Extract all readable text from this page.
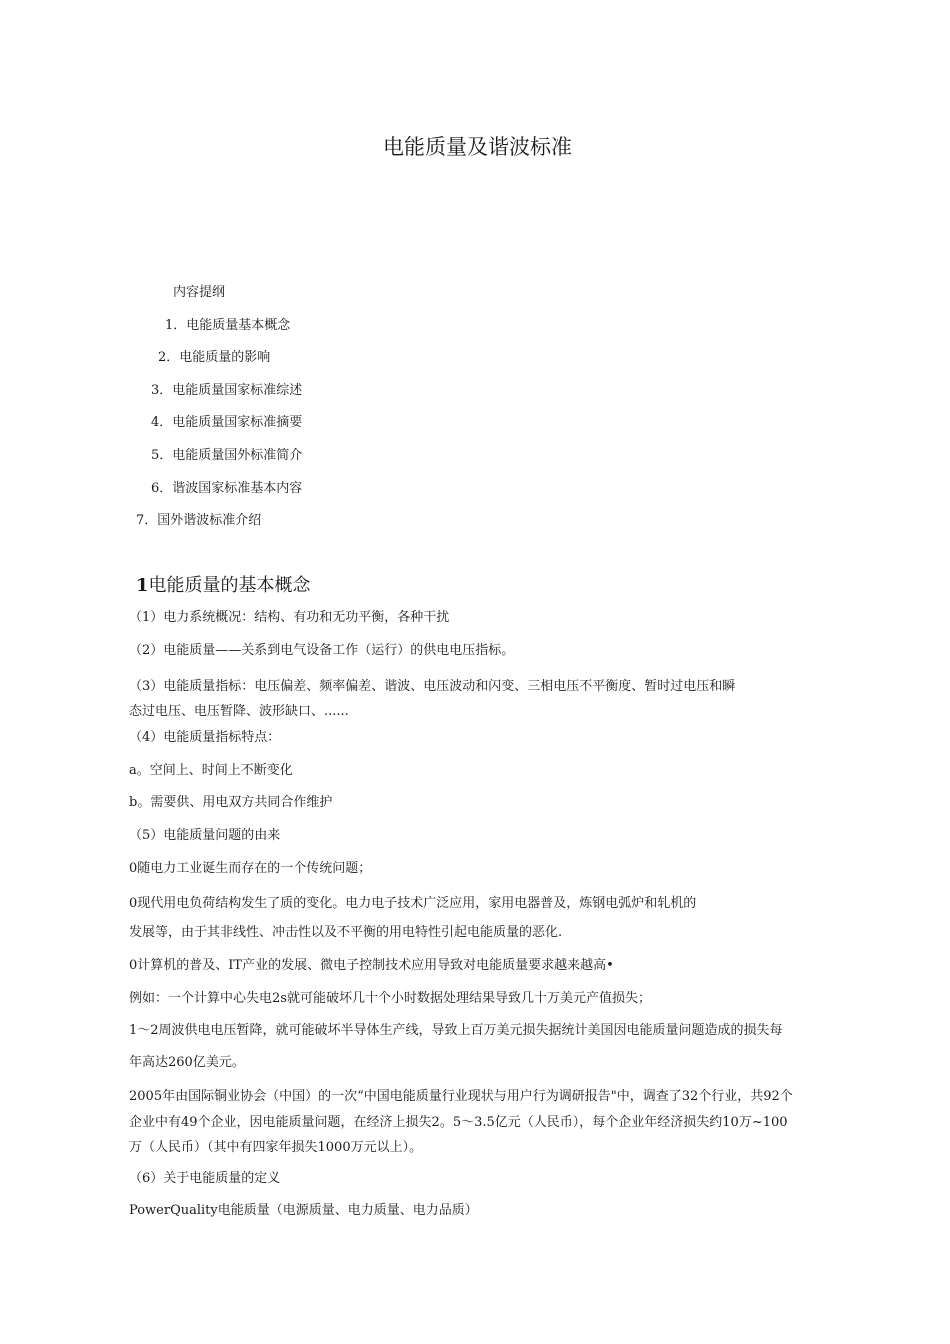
电能质量及谐波标准
内容提纲
1．电能质量基本概念
2．电能质量的影响
3．电能质量国家标准综述
4．电能质量国家标准摘要
5．电能质量国外标准简介
6．谐波国家标准基本内容
7．国外谐波标准介绍
1电能质量的基本概念
（1）电力系统概况：结构、有功和无功平衡，各种干扰
（2）电能质量——关系到电气设备工作（运行）的供电电压指标。
（3）电能质量指标：电压偏差、频率偏差、谐波、电压波动和闪变、三相电压不平衡度、暂时过电压和瞬
态过电压、电压暂降、波形缺口、......
（4）电能质量指标特点：
a。空间上、时间上不断变化
b。需要供、用电双方共同合作维护
（5）电能质量问题的由来
0随电力工业诞生而存在的一个传统问题；
0现代用电负荷结构发生了质的变化。电力电子技术广泛应用，家用电器普及，炼钢电弧炉和轧机的
发展等，由于其非线性、冲击性以及不平衡的用电特性引起电能质量的恶化.
0计算机的普及、IT产业的发展、微电子控制技术应用导致对电能质量要求越来越高•
例如：一个计算中心失电2s就可能破坏几十个小时数据处理结果导致几十万美元产值损失；
1～2周波供电电压暂降，就可能破坏半导体生产线，导致上百万美元损失据统计美国因电能质量问题造成的损失每
年高达260亿美元。
2005年由国际铜业协会（中国）的一次“中国电能质量行业现状与用户行为调研报告"中，调查了32个行业，共92个
企业中有49个企业，因电能质量问题，在经济上损失2。5～3.5亿元（人民币），每个企业年经济损失约10万~100
万（人民币）（其中有四家年损失1000万元以上）。
（6）关于电能质量的定义
PowerQuality电能质量（电源质量、电力质量、电力品质）
